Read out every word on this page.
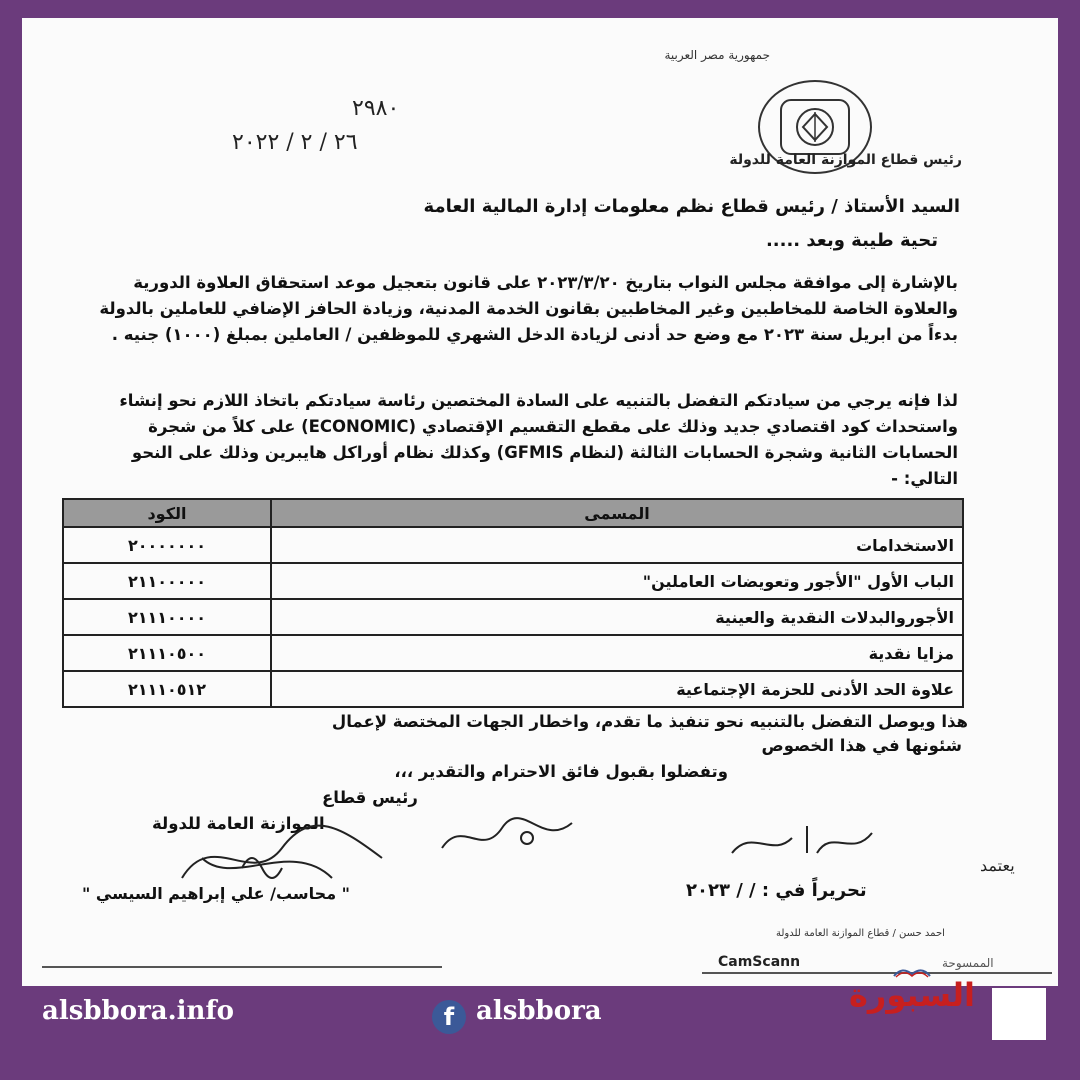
جمهورية مصر العربية
رئيس قطاع الموازنة العامة للدولة
٢٩٨٠
٢٦ / ٢ / ٢٠٢٢
السيد الأستاذ / رئيس قطاع نظم معلومات إدارة المالية العامة
تحية طيبة وبعد .....
بالإشارة إلى موافقة مجلس النواب بتاريخ ٢٠٢٣/٣/٢٠ على قانون بتعجيل موعد استحقاق العلاوة الدورية والعلاوة الخاصة للمخاطبين وغير المخاطبين بقانون الخدمة المدنية، وزيادة الحافز الإضافي للعاملين بالدولة بدءاً من ابريل سنة ٢٠٢٣ مع وضع حد أدنى لزيادة الدخل الشهري للموظفين / العاملين بمبلغ (١٠٠٠) جنيه .
لذا فإنه يرجي من سيادتكم التفضل بالتنبيه على السادة المختصين رئاسة سيادتكم باتخاذ اللازم نحو إنشاء واستحداث كود اقتصادي جديد وذلك على مقطع التقسيم الإقتصادي (ECONOMIC) على كلاً من شجرة الحسابات الثانية وشجرة الحسابات الثالثة (لنظام GFMIS) وكذلك نظام أوراكل هايبرين وذلك على النحو التالي: -
المسمى	الكود
الاستخدامات	٢٠٠٠٠٠٠٠
الباب الأول "الأجور وتعويضات العاملين"	٢١١٠٠٠٠٠
الأجوروالبدلات النقدية والعينية	٢١١١٠٠٠٠
مزايا نقدية	٢١١١٠٥٠٠
علاوة الحد الأدنى للحزمة الإجتماعية	٢١١١٠٥١٢
هذا ويوصل التفضل بالتنبيه نحو تنفيذ ما تقدم، واخطار الجهات المختصة لإعمال
شئونها في هذا الخصوص
وتفضلوا بقبول فائق الاحترام والتقدير ،،،
رئيس قطاع
الموازنة العامة للدولة
يعتمد
" محاسب/ علي إبراهيم السيسي "	تحريراً في : / / ٢٠٢٣
احمد حسن / قطاع الموازنة العامة للدولة
CamScann	الممسوحة
alsbbora.info	f alsbbora	السبورة
